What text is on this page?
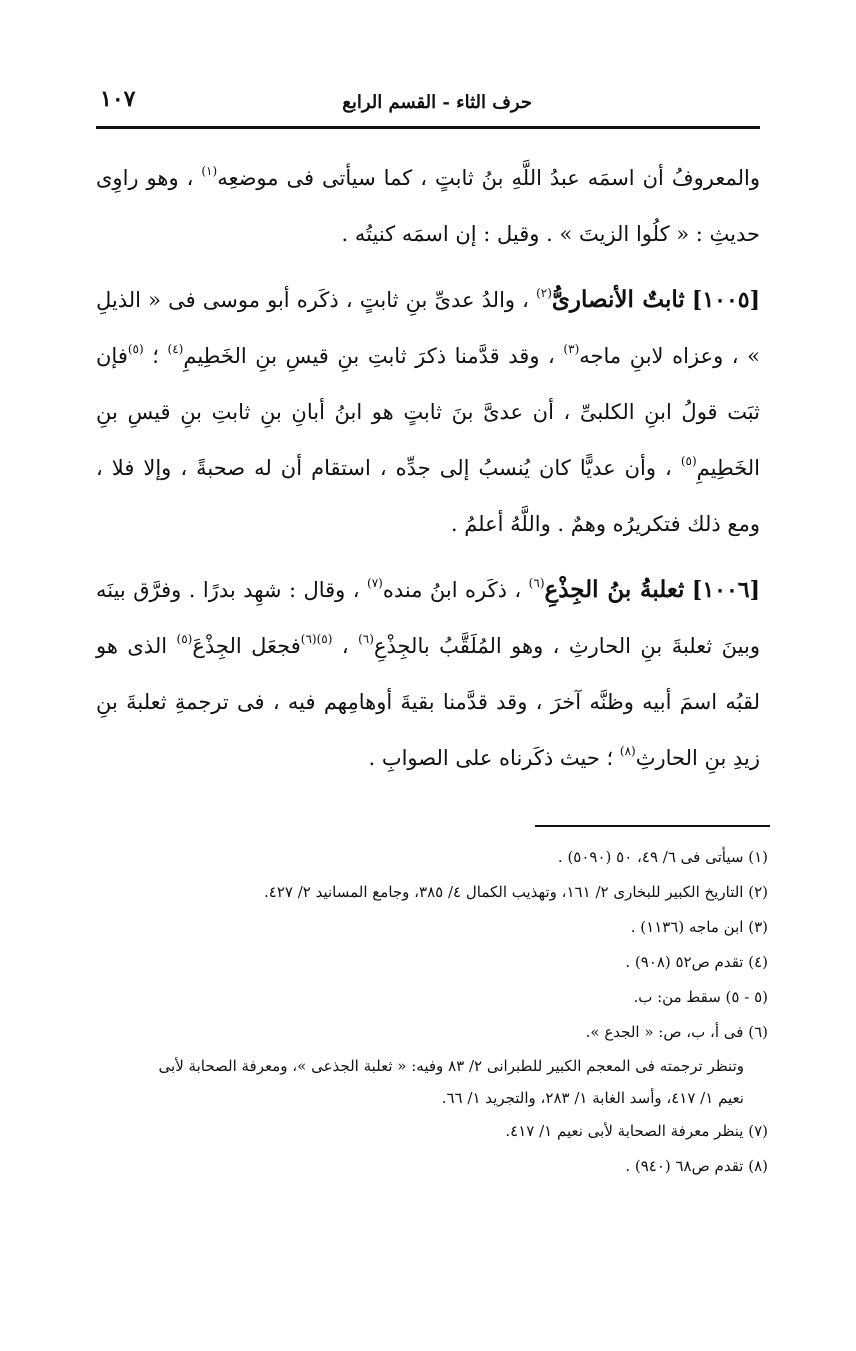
حرف الثاء - القسم الرابع
١٠٧

والمعروفُ أن اسمَه عبدُ اللَّهِ بنُ ثابتٍ ، كما سيأتى فى موضعِه$^{(١)}$ ، وهو راوِى حديثِ : « كلُوا الزيتَ » . وقيل : إن اسمَه كنيتُه .

[١٠٠٥] ثابتٌ الأنصارىُّ$^{(٢)}$ ، والدُ عدىِّ بنِ ثابتٍ ، ذكَره أبو موسى فى « الذيلِ » ، وعزاه لابنِ ماجه$^{(٣)}$ ، وقد قدَّمنا ذكرَ ثابتِ بنِ قيسِ بنِ الخَطِيمِ$^{(٤)}$ ؛ $^{(٥)}$فإن ثبَت قولُ ابنِ الكلبىِّ ، أن عدىَّ بنَ ثابتٍ هو ابنُ أبانِ بنِ ثابتِ بنِ قيسِ بنِ الخَطِيمِ$^{(٥)}$ ، وأن عديًّا كان يُنسبُ إلى جدِّه ، استقام أن له صحبةً ، وإلا فلا ، ومع ذلك فتكريرُه وهمٌ . واللَّهُ أعلمُ .

[١٠٠٦] ثعلبةُ بنُ الجِذْعِ$^{(٦)}$ ، ذكَره ابنُ منده$^{(٧)}$ ، وقال : شهِد بدرًا . وفرَّق بينَه وبينَ ثعلبةَ بنِ الحارثِ ، وهو المُلَقَّبُ بالجِذْعِ$^{(٦)}$ ، $^{(٥)(٦)}$فجعَل الجِذْعَ$^{(٥)}$ الذى هو لقبُه اسمَ أبيه وظنَّه آخرَ ، وقد قدَّمنا بقيةَ أوهامِهم فيه ، فى ترجمةِ ثعلبةَ بنِ زيدِ بنِ الحارثِ$^{(٨)}$ ؛ حيث ذكَرناه على الصوابِ .

(١) سيأتى فى ٦/ ٤٩، ٥٠ (٥٠٩٠) .

(٢) التاريخ الكبير للبخارى ٢/ ١٦١، وتهذيب الكمال ٤/ ٣٨٥، وجامع المسانيد ٢/ ٤٢٧.

(٣) ابن ماجه (١١٣٦) .

(٤) تقدم ص٥٢ (٩٠٨) .

(٥ - ٥) سقط من: ب.

(٦) فى أ، ب، ص: « الجدع ».

وتنظر ترجمته فى المعجم الكبير للطبرانى ٢/ ٨٣ وفيه: « ثعلبة الجذعى »، ومعرفة الصحابة لأبى

نعيم ١/ ٤١٧، وأسد الغابة ١/ ٢٨٣، والتجريد ١/ ٦٦.

(٧) ينظر معرفة الصحابة لأبى نعيم ١/ ٤١٧.

(٨) تقدم ص٦٨ (٩٤٠) .
